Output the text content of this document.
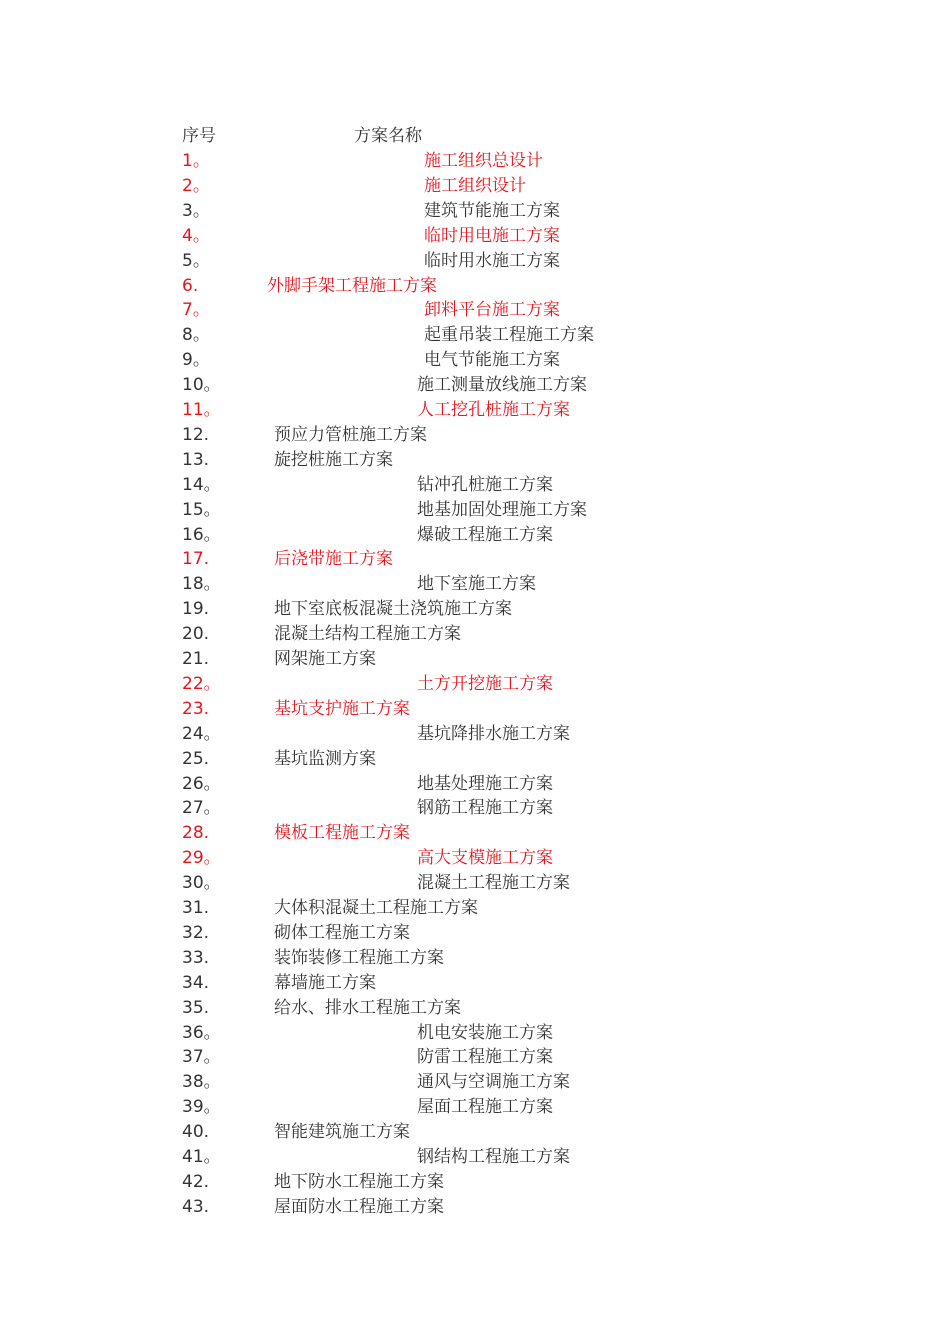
序号	方案名称
1。	施工组织总设计
2。	施工组织设计
3。	建筑节能施工方案
4。	临时用电施工方案
5。	临时用水施工方案
6.	外脚手架工程施工方案
7。	卸料平台施工方案
8。	起重吊装工程施工方案
9。	电气节能施工方案
10。	施工测量放线施工方案
11。	人工挖孔桩施工方案
12.	预应力管桩施工方案
13.	旋挖桩施工方案
14。	钻冲孔桩施工方案
15。	地基加固处理施工方案
16。	爆破工程施工方案
17.	后浇带施工方案
18。	地下室施工方案
19.	地下室底板混凝土浇筑施工方案
20.	混凝土结构工程施工方案
21.	网架施工方案
22。	土方开挖施工方案
23.	基坑支护施工方案
24。	基坑降排水施工方案
25.	基坑监测方案
26。	地基处理施工方案
27。	钢筋工程施工方案
28.	模板工程施工方案
29。	高大支模施工方案
30。	混凝土工程施工方案
31.	大体积混凝土工程施工方案
32.	砌体工程施工方案
33.	装饰装修工程施工方案
34.	幕墙施工方案
35.	给水、排水工程施工方案
36。	机电安装施工方案
37。	防雷工程施工方案
38。	通风与空调施工方案
39。	屋面工程施工方案
40.	智能建筑施工方案
41。	钢结构工程施工方案
42.	地下防水工程施工方案
43.	屋面防水工程施工方案
